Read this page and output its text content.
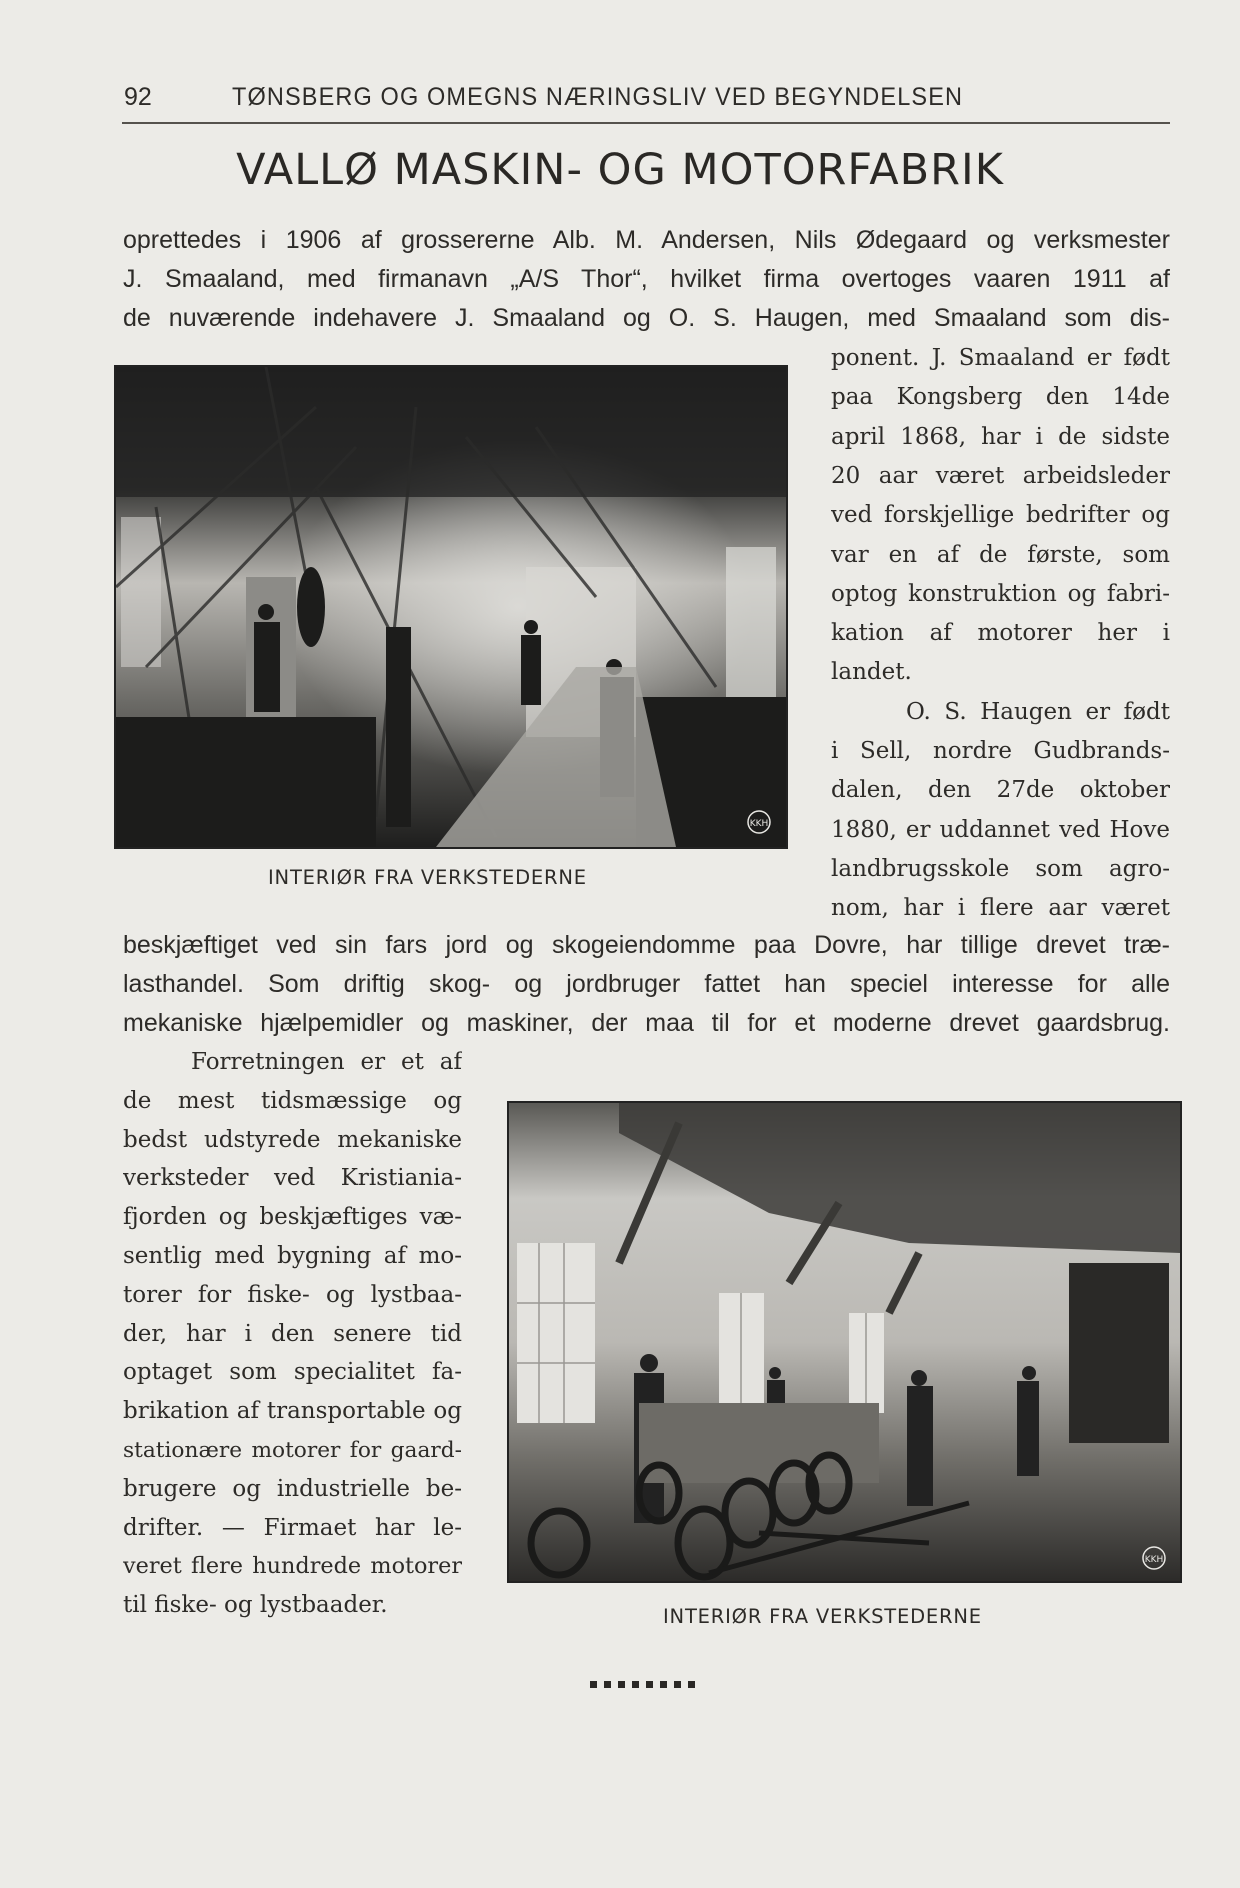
92	TØNSBERG OG OMEGNS NÆRINGSLIV VED BEGYNDELSEN
VALLØ MASKIN- OG MOTORFABRIK
oprettedes i 1906 af grossererne Alb. M. Andersen, Nils Ødegaard og verksmester
J. Smaaland, med firmanavn „A/S Thor“, hvilket firma overtoges vaaren 1911 af
de nuværende indehavere J. Smaaland og O. S. Haugen, med Smaaland som dis-
ponent. J. Smaaland er født
paa Kongsberg den 14de
april 1868, har i de sidste
20 aar været arbeidsleder
ved forskjellige bedrifter og
var en af de første, som
optog konstruktion og fabri-
kation af motorer her i
landet.
O. S. Haugen er født
i Sell, nordre Gudbrands-
dalen, den 27de oktober
1880, er uddannet ved Hove
landbrugsskole som agro-
nom, har i flere aar været
beskjæftiget ved sin fars jord og skogeiendomme paa Dovre, har tillige drevet træ-
lasthandel. Som driftig skog- og jordbruger fattet han speciel interesse for alle
mekaniske hjælpemidler og maskiner, der maa til for et moderne drevet gaardsbrug.
Forretningen er et af
de mest tidsmæssige og
bedst udstyrede mekaniske
verksteder ved Kristiania-
fjorden og beskjæftiges væ-
sentlig med bygning af mo-
torer for fiske- og lystbaa-
der, har i den senere tid
optaget som specialitet fa-
brikation af transportable og
stationære motorer for gaard-
brugere og industrielle be-
drifter. — Firmaet har le-
veret flere hundrede motorer
til fiske- og lystbaader.
KKH
INTERIØR FRA VERKSTEDERNE
KKH
INTERIØR FRA VERKSTEDERNE
